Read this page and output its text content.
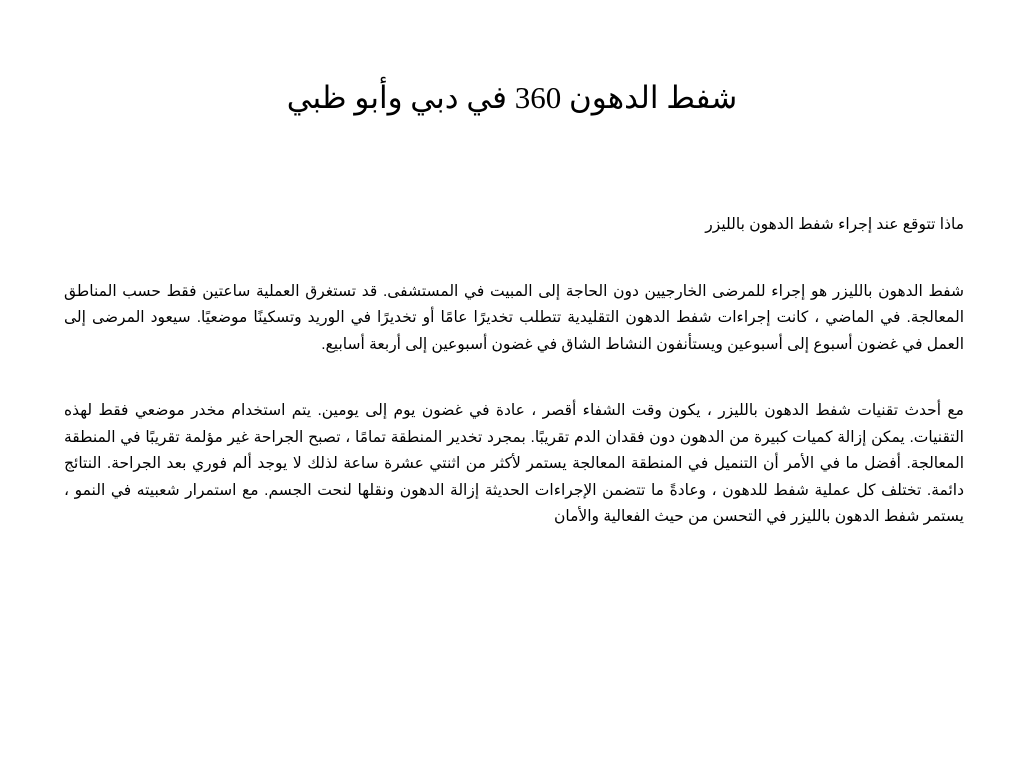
شفط الدهون 360 في دبي وأبو ظبي

ماذا تتوقع عند إجراء شفط الدهون بالليزر

شفط الدهون بالليزر هو إجراء للمرضى الخارجيين دون الحاجة إلى المبيت في المستشفى. قد تستغرق العملية ساعتين فقط حسب المناطق المعالجة. في الماضي ، كانت إجراءات شفط الدهون التقليدية تتطلب تخديرًا عامًا أو تخديرًا في الوريد وتسكينًا موضعيًا. سيعود المرضى إلى العمل في غضون أسبوع إلى أسبوعين ويستأنفون النشاط الشاق في غضون أسبوعين إلى أربعة أسابيع.

مع أحدث تقنيات شفط الدهون بالليزر ، يكون وقت الشفاء أقصر ، عادة في غضون يوم إلى يومين. يتم استخدام مخدر موضعي فقط لهذه التقنيات. يمكن إزالة كميات كبيرة من الدهون دون فقدان الدم تقريبًا. بمجرد تخدير المنطقة تمامًا ، تصبح الجراحة غير مؤلمة تقريبًا في المنطقة المعالجة. أفضل ما في الأمر أن التنميل في المنطقة المعالجة يستمر لأكثر من اثنتي عشرة ساعة لذلك لا يوجد ألم فوري بعد الجراحة. النتائج دائمة. تختلف كل عملية شفط للدهون ، وعادةً ما تتضمن الإجراءات الحديثة إزالة الدهون ونقلها لنحت الجسم. مع استمرار شعبيته في النمو ، يستمر شفط الدهون بالليزر في التحسن من حيث الفعالية والأمان
